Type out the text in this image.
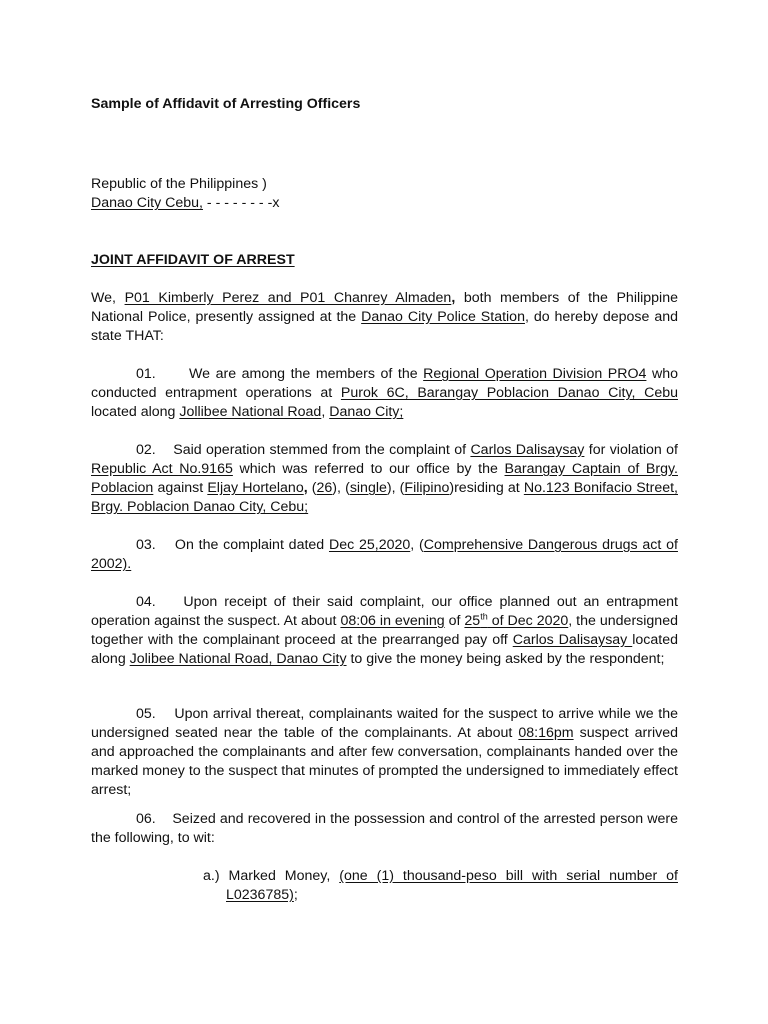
Sample of Affidavit of Arresting Officers
Republic of the Philippines )
Danao City Cebu, - - - - - - - -x
JOINT AFFIDAVIT OF ARREST
We, P01 Kimberly Perez and P01 Chanrey Almaden, both members of the Philippine National Police, presently assigned at the Danao City Police Station, do hereby depose and state THAT:
01. We are among the members of the Regional Operation Division PRO4 who conducted entrapment operations at Purok 6C, Barangay Poblacion Danao City, Cebu located along Jollibee National Road, Danao City;
02. Said operation stemmed from the complaint of Carlos Dalisaysay for violation of Republic Act No.9165 which was referred to our office by the Barangay Captain of Brgy. Poblacion against Eljay Hortelano, (26), (single), (Filipino)residing at No.123 Bonifacio Street, Brgy. Poblacion Danao City, Cebu;
03. On the complaint dated Dec 25,2020, (Comprehensive Dangerous drugs act of 2002).
04. Upon receipt of their said complaint, our office planned out an entrapment operation against the suspect. At about 08:06 in evening of 25th of Dec 2020, the undersigned together with the complainant proceed at the prearranged pay off Carlos Dalisaysay located along Jolibee National Road, Danao City to give the money being asked by the respondent;
05. Upon arrival thereat, complainants waited for the suspect to arrive while we the undersigned seated near the table of the complainants. At about 08:16pm suspect arrived and approached the complainants and after few conversation, complainants handed over the marked money to the suspect that minutes of prompted the undersigned to immediately effect arrest;
06. Seized and recovered in the possession and control of the arrested person were the following, to wit:
a.) Marked Money, (one (1) thousand-peso bill with serial number of L0236785);
